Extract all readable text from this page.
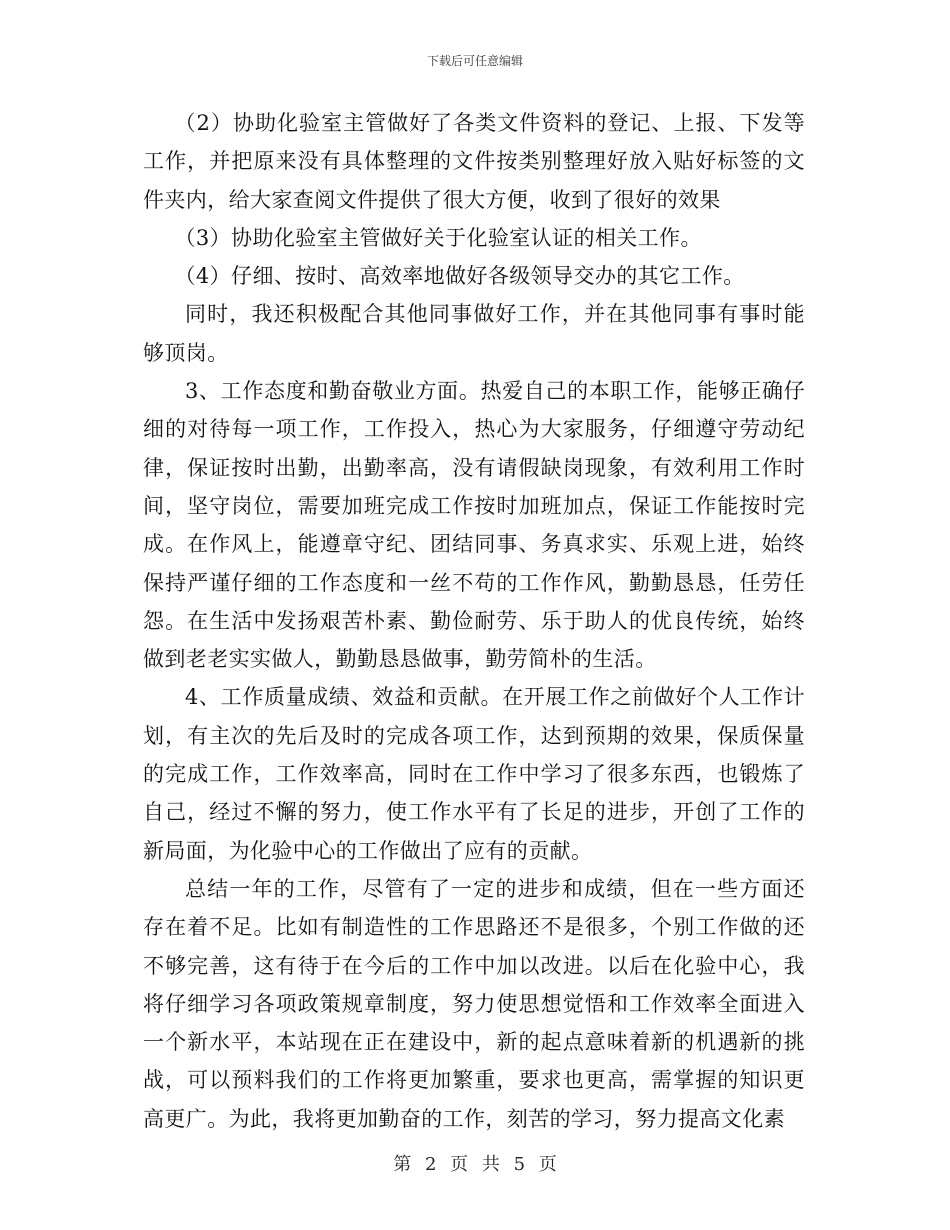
下载后可任意编辑

（2）协助化验室主管做好了各类文件资料的登记、上报、下发等工作，并把原来没有具体整理的文件按类别整理好放入贴好标签的文件夹内，给大家查阅文件提供了很大方便，收到了很好的效果

（3）协助化验室主管做好关于化验室认证的相关工作。

（4）仔细、按时、高效率地做好各级领导交办的其它工作。

同时，我还积极配合其他同事做好工作，并在其他同事有事时能够顶岗。

3、工作态度和勤奋敬业方面。热爱自己的本职工作，能够正确仔细的对待每一项工作，工作投入，热心为大家服务，仔细遵守劳动纪律，保证按时出勤，出勤率高，没有请假缺岗现象，有效利用工作时间，坚守岗位，需要加班完成工作按时加班加点，保证工作能按时完成。在作风上，能遵章守纪、团结同事、务真求实、乐观上进，始终保持严谨仔细的工作态度和一丝不苟的工作作风，勤勤恳恳，任劳任怨。在生活中发扬艰苦朴素、勤俭耐劳、乐于助人的优良传统，始终做到老老实实做人，勤勤恳恳做事，勤劳简朴的生活。

4、工作质量成绩、效益和贡献。在开展工作之前做好个人工作计划，有主次的先后及时的完成各项工作，达到预期的效果，保质保量的完成工作，工作效率高，同时在工作中学习了很多东西，也锻炼了自己，经过不懈的努力，使工作水平有了长足的进步，开创了工作的新局面，为化验中心的工作做出了应有的贡献。

总结一年的工作，尽管有了一定的进步和成绩，但在一些方面还存在着不足。比如有制造性的工作思路还不是很多，个别工作做的还不够完善，这有待于在今后的工作中加以改进。以后在化验中心，我将仔细学习各项政策规章制度，努力使思想觉悟和工作效率全面进入一个新水平，本站现在正在建设中，新的起点意味着新的机遇新的挑战，可以预料我们的工作将更加繁重，要求也更高，需掌握的知识更高更广。为此，我将更加勤奋的工作，刻苦的学习，努力提高文化素

第 2 页 共 5 页
